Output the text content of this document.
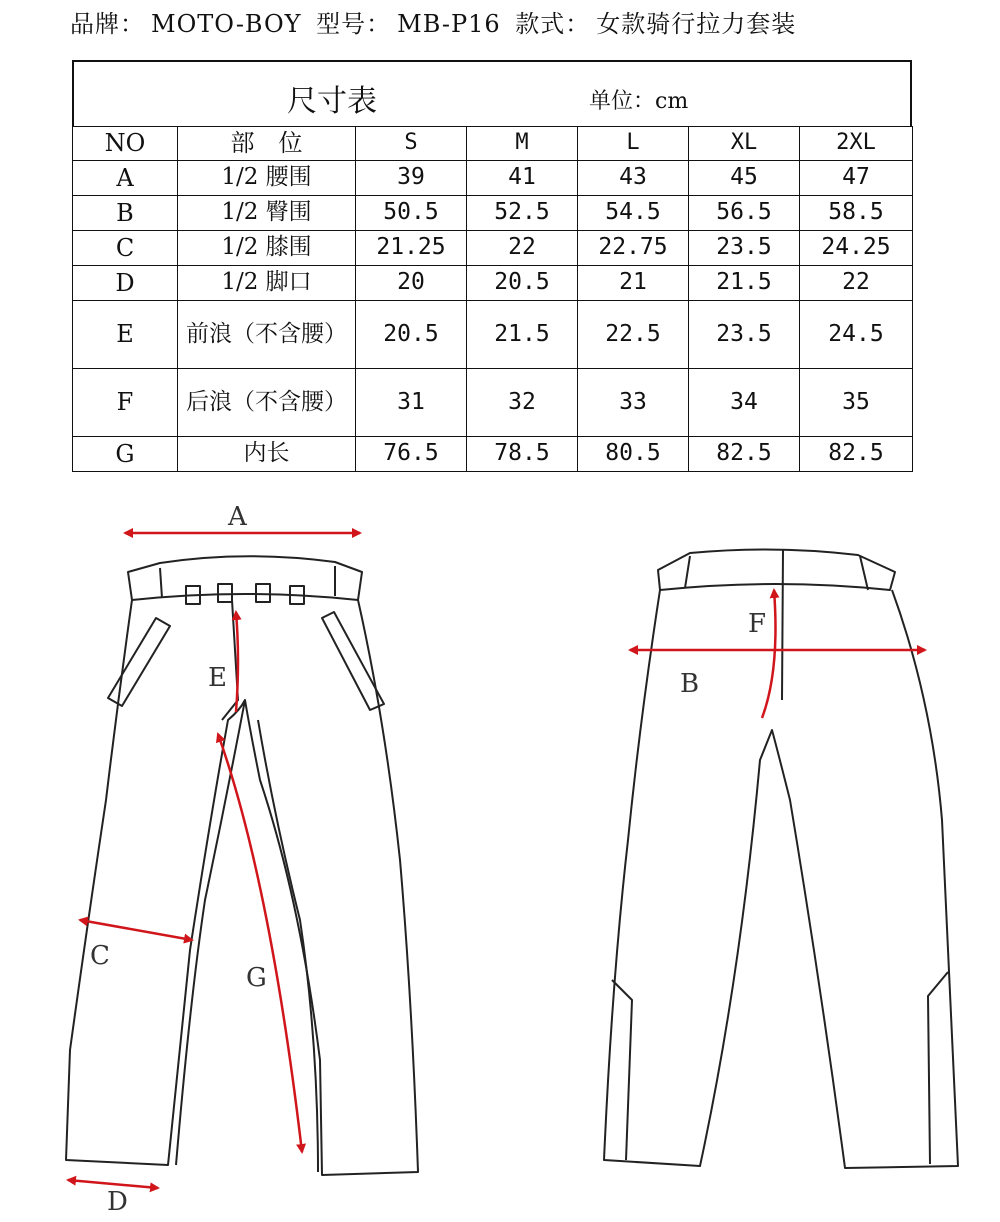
品牌： MOTO-BOY 型号： MB-P16 款式： 女款骑行拉力套装
尺寸表	单位：cm
NO	部　位	S	M	L	XL	2XL
A	1/2 腰围	39	41	43	45	47
B	1/2 臀围	50.5	52.5	54.5	56.5	58.5
C	1/2 膝围	21.25	22	22.75	23.5	24.25
D	1/2 脚口	20	20.5	21	21.5	22
E	前浪（不含腰）	20.5	21.5	22.5	23.5	24.5
F	后浪（不含腰）	31	32	33	34	35
G	内长	76.5	78.5	80.5	82.5	82.5
A
E
C
G
D
F
B
